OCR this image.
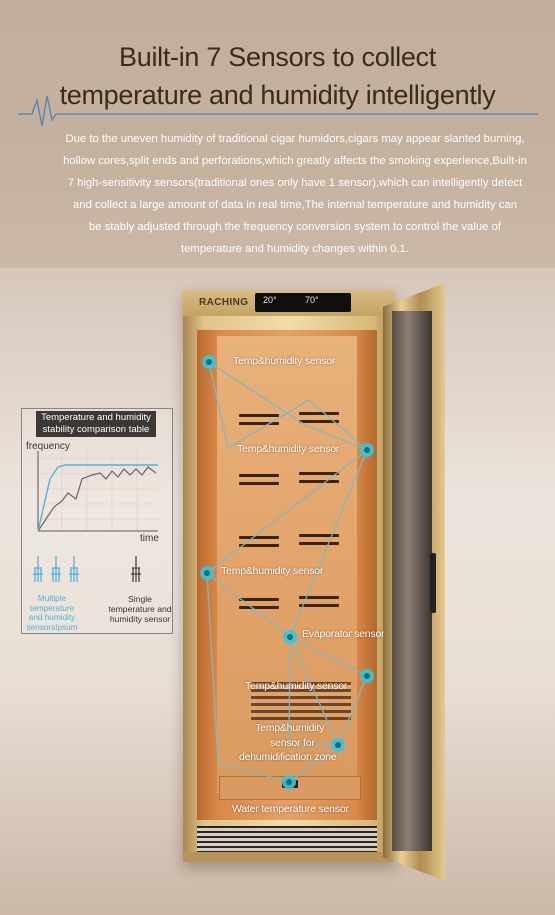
Built-in 7 Sensors to collect
temperature and humidity intelligently
Due to the uneven humidity of traditional cigar humidors,cigars may appear slanted burning,
hollow cores,split ends and perforations,which greatly affects the smoking experience,Built-in
7 high-sensitivity sensors(traditional ones only have 1 sensor),which can intelligently detect
and collect a large amount of data in real time,The internal temperature and humidity can
be stably adjusted through the frequency conversion system to control the value of
temperature and humidity changes within 0.1.
RACHING 20°	70°
Temp&humidity sensor
Temp&humidity sensor
Temp&humidity sensor
Evaporator sensor
Temp&humidity sensor
Temp&humidity
sensor for
dehumidification zone
Water temperature sensor
Temperature and humidity
stability comparison table
frequency
time
Multiple temperature
and humidity
sensorsIpsum
Single
temperature and
humidity sensor
